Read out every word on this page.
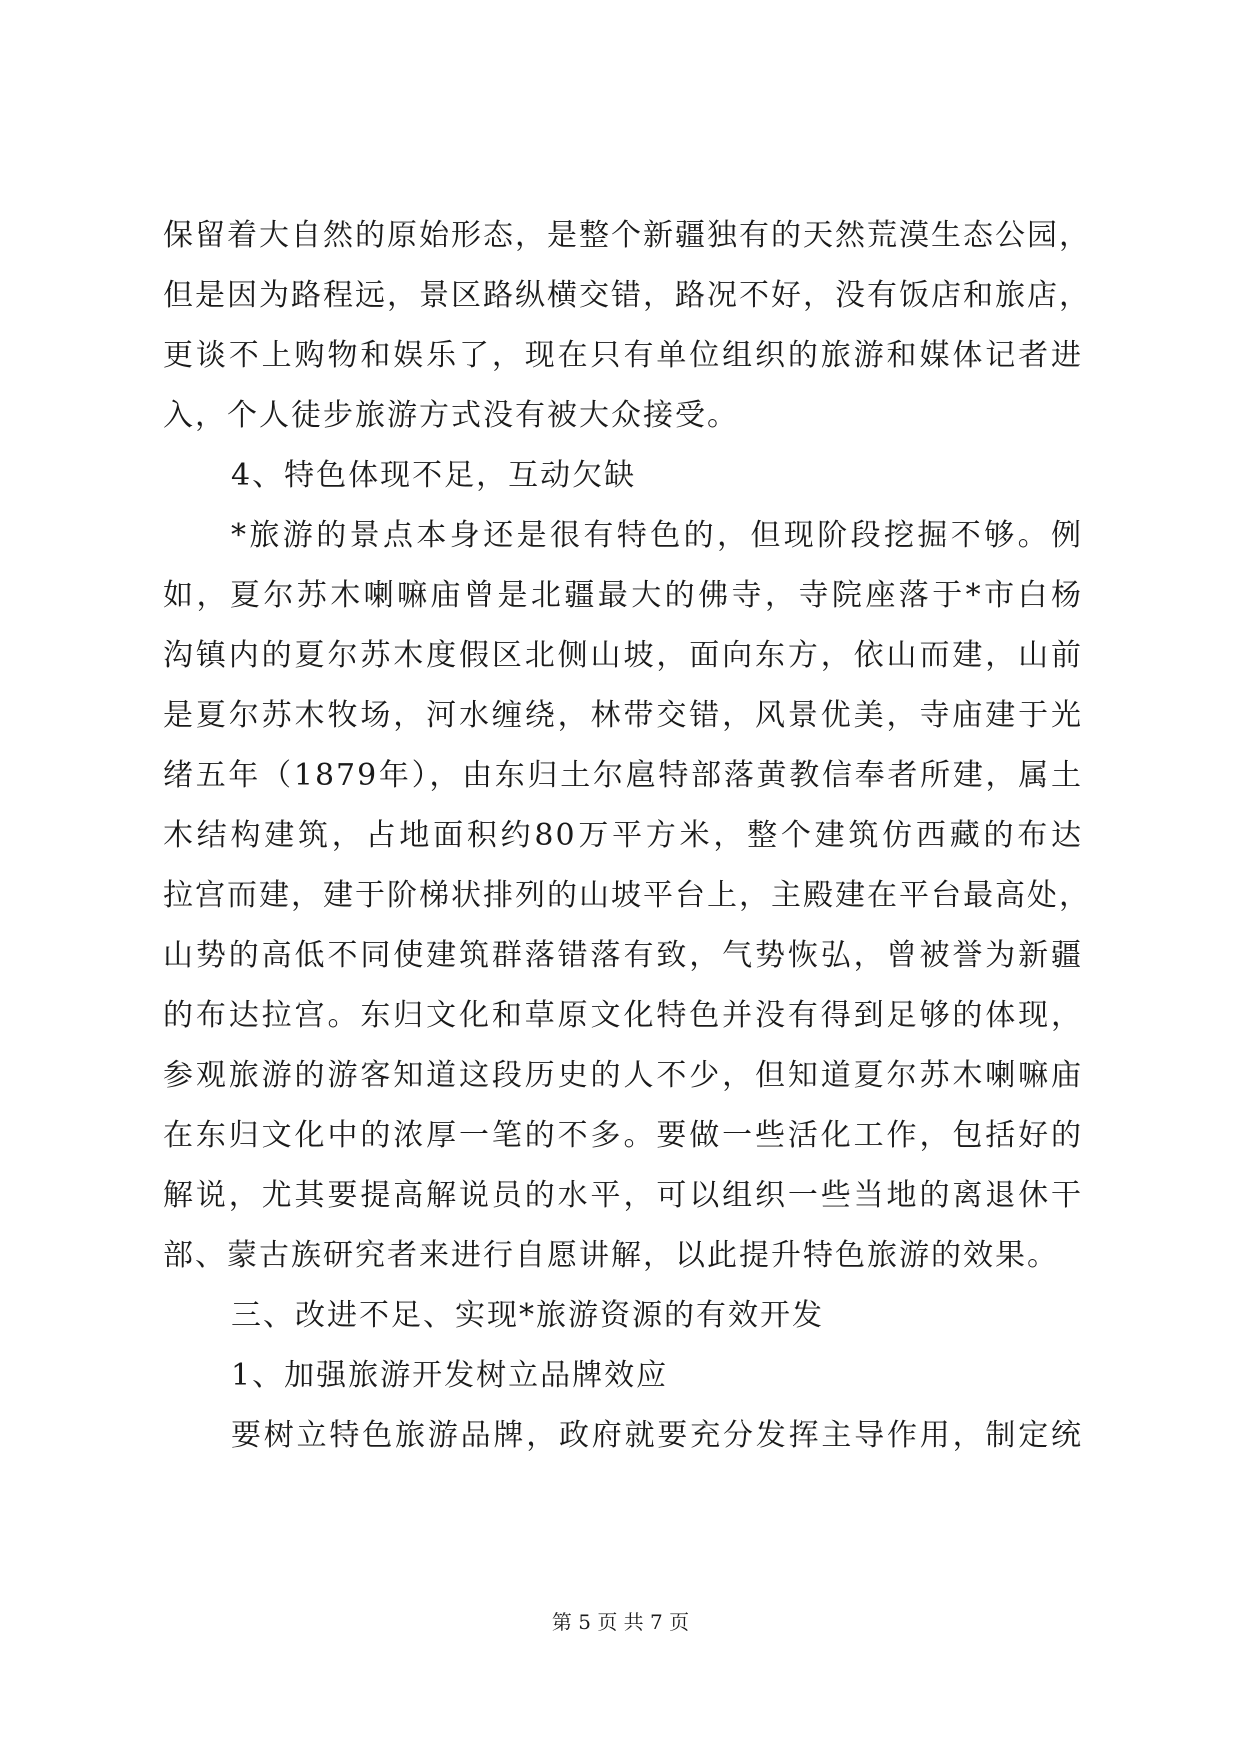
保留着大自然的原始形态，是整个新疆独有的天然荒漠生态公园，
但是因为路程远，景区路纵横交错，路况不好，没有饭店和旅店，
更谈不上购物和娱乐了，现在只有单位组织的旅游和媒体记者进
入，个人徒步旅游方式没有被大众接受。
4、特色体现不足，互动欠缺
*旅游的景点本身还是很有特色的，但现阶段挖掘不够。例
如，夏尔苏木喇嘛庙曾是北疆最大的佛寺，寺院座落于*市白杨
沟镇内的夏尔苏木度假区北侧山坡，面向东方，依山而建，山前
是夏尔苏木牧场，河水缠绕，林带交错，风景优美，寺庙建于光
绪五年（1879年），由东归土尔扈特部落黄教信奉者所建，属土
木结构建筑，占地面积约80万平方米，整个建筑仿西藏的布达
拉宫而建，建于阶梯状排列的山坡平台上，主殿建在平台最高处，
山势的高低不同使建筑群落错落有致，气势恢弘，曾被誉为新疆
的布达拉宫。东归文化和草原文化特色并没有得到足够的体现，
参观旅游的游客知道这段历史的人不少，但知道夏尔苏木喇嘛庙
在东归文化中的浓厚一笔的不多。要做一些活化工作，包括好的
解说，尤其要提高解说员的水平，可以组织一些当地的离退休干
部、蒙古族研究者来进行自愿讲解，以此提升特色旅游的效果。
三、改进不足、实现*旅游资源的有效开发
1、加强旅游开发树立品牌效应
要树立特色旅游品牌，政府就要充分发挥主导作用，制定统
第 5 页 共 7 页
